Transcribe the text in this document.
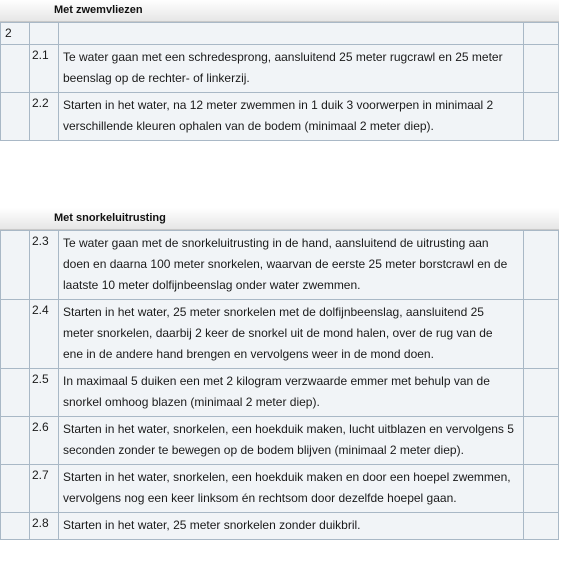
Met zwemvliezen
2			
	2.1	Te water gaan met een schredesprong, aansluitend 25 meter rugcrawl en 25 meter beenslag op de rechter- of linkerzij.	
	2.2	Starten in het water, na 12 meter zwemmen in 1 duik 3 voorwerpen in minimaal 2 verschillende kleuren ophalen van de bodem (minimaal 2 meter diep).	
Met snorkeluitrusting
	2.3	Te water gaan met de snorkeluitrusting in de hand, aansluitend de uitrusting aan doen en daarna 100 meter snorkelen, waarvan de eerste 25 meter borstcrawl en de laatste 10 meter dolfijnbeenslag onder water zwemmen.	
	2.4	Starten in het water, 25 meter snorkelen met de dolfijnbeenslag, aansluitend 25 meter snorkelen, daarbij 2 keer de snorkel uit de mond halen, over de rug van de ene in de andere hand brengen en vervolgens weer in de mond doen.	
	2.5	In maximaal 5 duiken een met 2 kilogram verzwaarde emmer met behulp van de snorkel omhoog blazen (minimaal 2 meter diep).	
	2.6	Starten in het water, snorkelen, een hoekduik maken, lucht uitblazen en vervolgens 5 seconden zonder te bewegen op de bodem blijven (minimaal 2 meter diep).	
	2.7	Starten in het water, snorkelen, een hoekduik maken en door een hoepel zwemmen, vervolgens nog een keer linksom én rechtsom door dezelfde hoepel gaan.	
	2.8	Starten in het water, 25 meter snorkelen zonder duikbril.	
